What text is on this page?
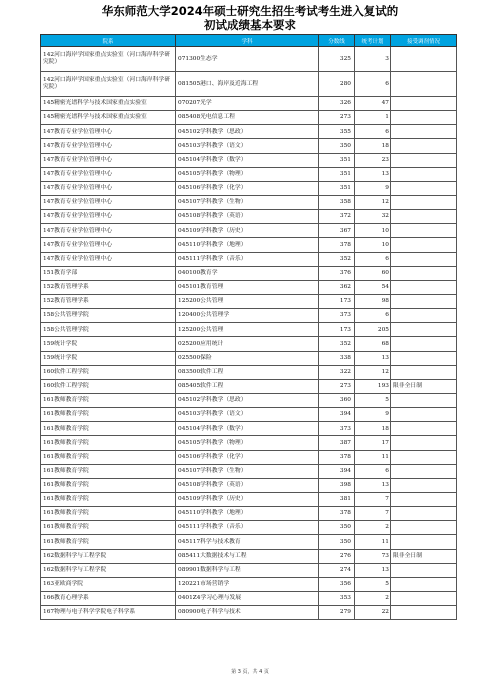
华东师范大学2024年硕士研究生招生考试考生进入复试的
初试成绩基本要求
院系	学科	分数线	统考计划	接受调剂情况
142河口海岸学国家重点实验室（河口海岸科学研究院）	071300生态学	325	3	
142河口海岸学国家重点实验室（河口海岸科学研究院）	081505港口、海岸及近海工程	280	6	
145精密光谱科学与技术国家重点实验室	070207光学	326	47	
145精密光谱科学与技术国家重点实验室	085408光电信息工程	273	1	
147教育专业学位管理中心	045102学科教学（思政）	355	6	
147教育专业学位管理中心	045103学科教学（语文）	350	18	
147教育专业学位管理中心	045104学科教学（数学）	351	23	
147教育专业学位管理中心	045105学科教学（物理）	351	13	
147教育专业学位管理中心	045106学科教学（化学）	351	9	
147教育专业学位管理中心	045107学科教学（生物）	358	12	
147教育专业学位管理中心	045108学科教学（英语）	372	32	
147教育专业学位管理中心	045109学科教学（历史）	367	10	
147教育专业学位管理中心	045110学科教学（地理）	378	10	
147教育专业学位管理中心	045111学科教学（音乐）	352	6	
151教育学部	040100教育学	376	60	
152教育管理学系	045101教育管理	362	54	
152教育管理学系	125200公共管理	173	98	
158公共管理学院	120400公共管理学	373	6	
158公共管理学院	125200公共管理	173	205	
159统计学院	025200应用统计	352	68	
159统计学院	025500保险	338	13	
160软件工程学院	083500软件工程	322	12	
160软件工程学院	085405软件工程	273	193	限非全日制
161教师教育学院	045102学科教学（思政）	360	5	
161教师教育学院	045103学科教学（语文）	394	9	
161教师教育学院	045104学科教学（数学）	373	18	
161教师教育学院	045105学科教学（物理）	387	17	
161教师教育学院	045106学科教学（化学）	378	11	
161教师教育学院	045107学科教学（生物）	394	6	
161教师教育学院	045108学科教学（英语）	398	13	
161教师教育学院	045109学科教学（历史）	381	7	
161教师教育学院	045110学科教学（地理）	378	7	
161教师教育学院	045111学科教学（音乐）	350	2	
161教师教育学院	045117科学与技术教育	350	11	
162数据科学与工程学院	085411大数据技术与工程	276	73	限非全日制
162数据科学与工程学院	089901数据科学与工程	274	13	
163亚欧商学院	120221市场营销学	356	5	
166教育心理学系	0401Z4学习心理与发展	353	2	
167物理与电子科学学院电子科学系	080900电子科学与技术	279	22	
第 3 页，共 4 页
